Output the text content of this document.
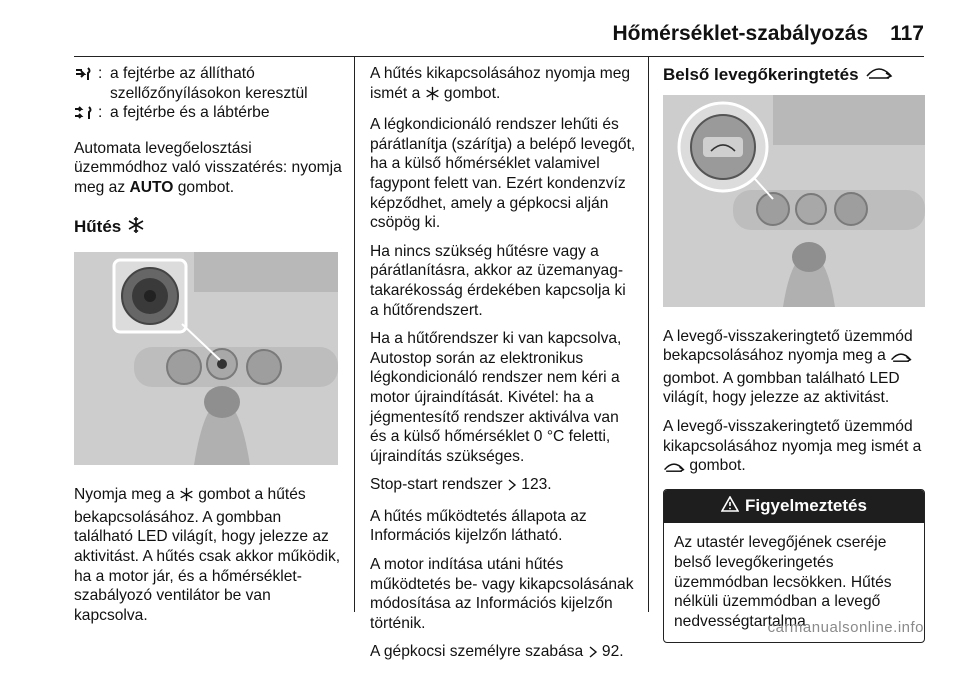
Hőmérséklet-szabályozás 117
: a fejtérbe az állítható szellőzőnyílásokon keresztül
: a fejtérbe és a lábtérbe

Automata levegőelosztási üzemmódhoz való visszatérés: nyomja meg az AUTO gombot.

Hűtés

Nyomja meg a  gombot a hűtés bekapcsolásához. A gombban található LED világít, hogy jelezze az aktivitást. A hűtés csak akkor működik, ha a motor jár, és a hőmérséklet-szabályozó ventilátor be van kapcsolva.

A hűtés kikapcsolásához nyomja meg ismét a  gombot.

A légkondicionáló rendszer lehűti és párátlanítja (szárítja) a belépő levegőt, ha a külső hőmérséklet valamivel fagypont felett van. Ezért kondenzvíz képződhet, amely a gépkocsi alján csöpög ki.

Ha nincs szükség hűtésre vagy a párátlanításra, akkor az üzemanyag-takarékosság érdekében kapcsolja ki a hűtőrendszert.

Ha a hűtőrendszer ki van kapcsolva, Autostop során az elektronikus légkondicionáló rendszer nem kéri a motor újraindítását. Kivétel: ha a jégmentesítő rendszer aktiválva van és a külső hőmérséklet 0 °C feletti, újraindítás szükséges.

Stop-start rendszer  123.

A hűtés működtetés állapota az Információs kijelzőn látható.

A motor indítása utáni hűtés működtetés be- vagy kikapcsolásának módosítása az Információs kijelzőn történik.

A gépkocsi személyre szabása  92.

Belső levegőkeringtetés

A levegő-visszakeringtető üzemmód bekapcsolásához nyomja meg a  gombot. A gombban található LED világít, hogy jelezze az aktivitást.

A levegő-visszakeringtető üzemmód kikapcsolásához nyomja meg ismét a  gombot.

Figyelmeztetés

Az utastér levegőjének cseréje belső levegőkeringetés üzemmódban lecsökken. Hűtés nélküli üzemmódban a levegő nedvességtartalma

carmanualsonline.info
